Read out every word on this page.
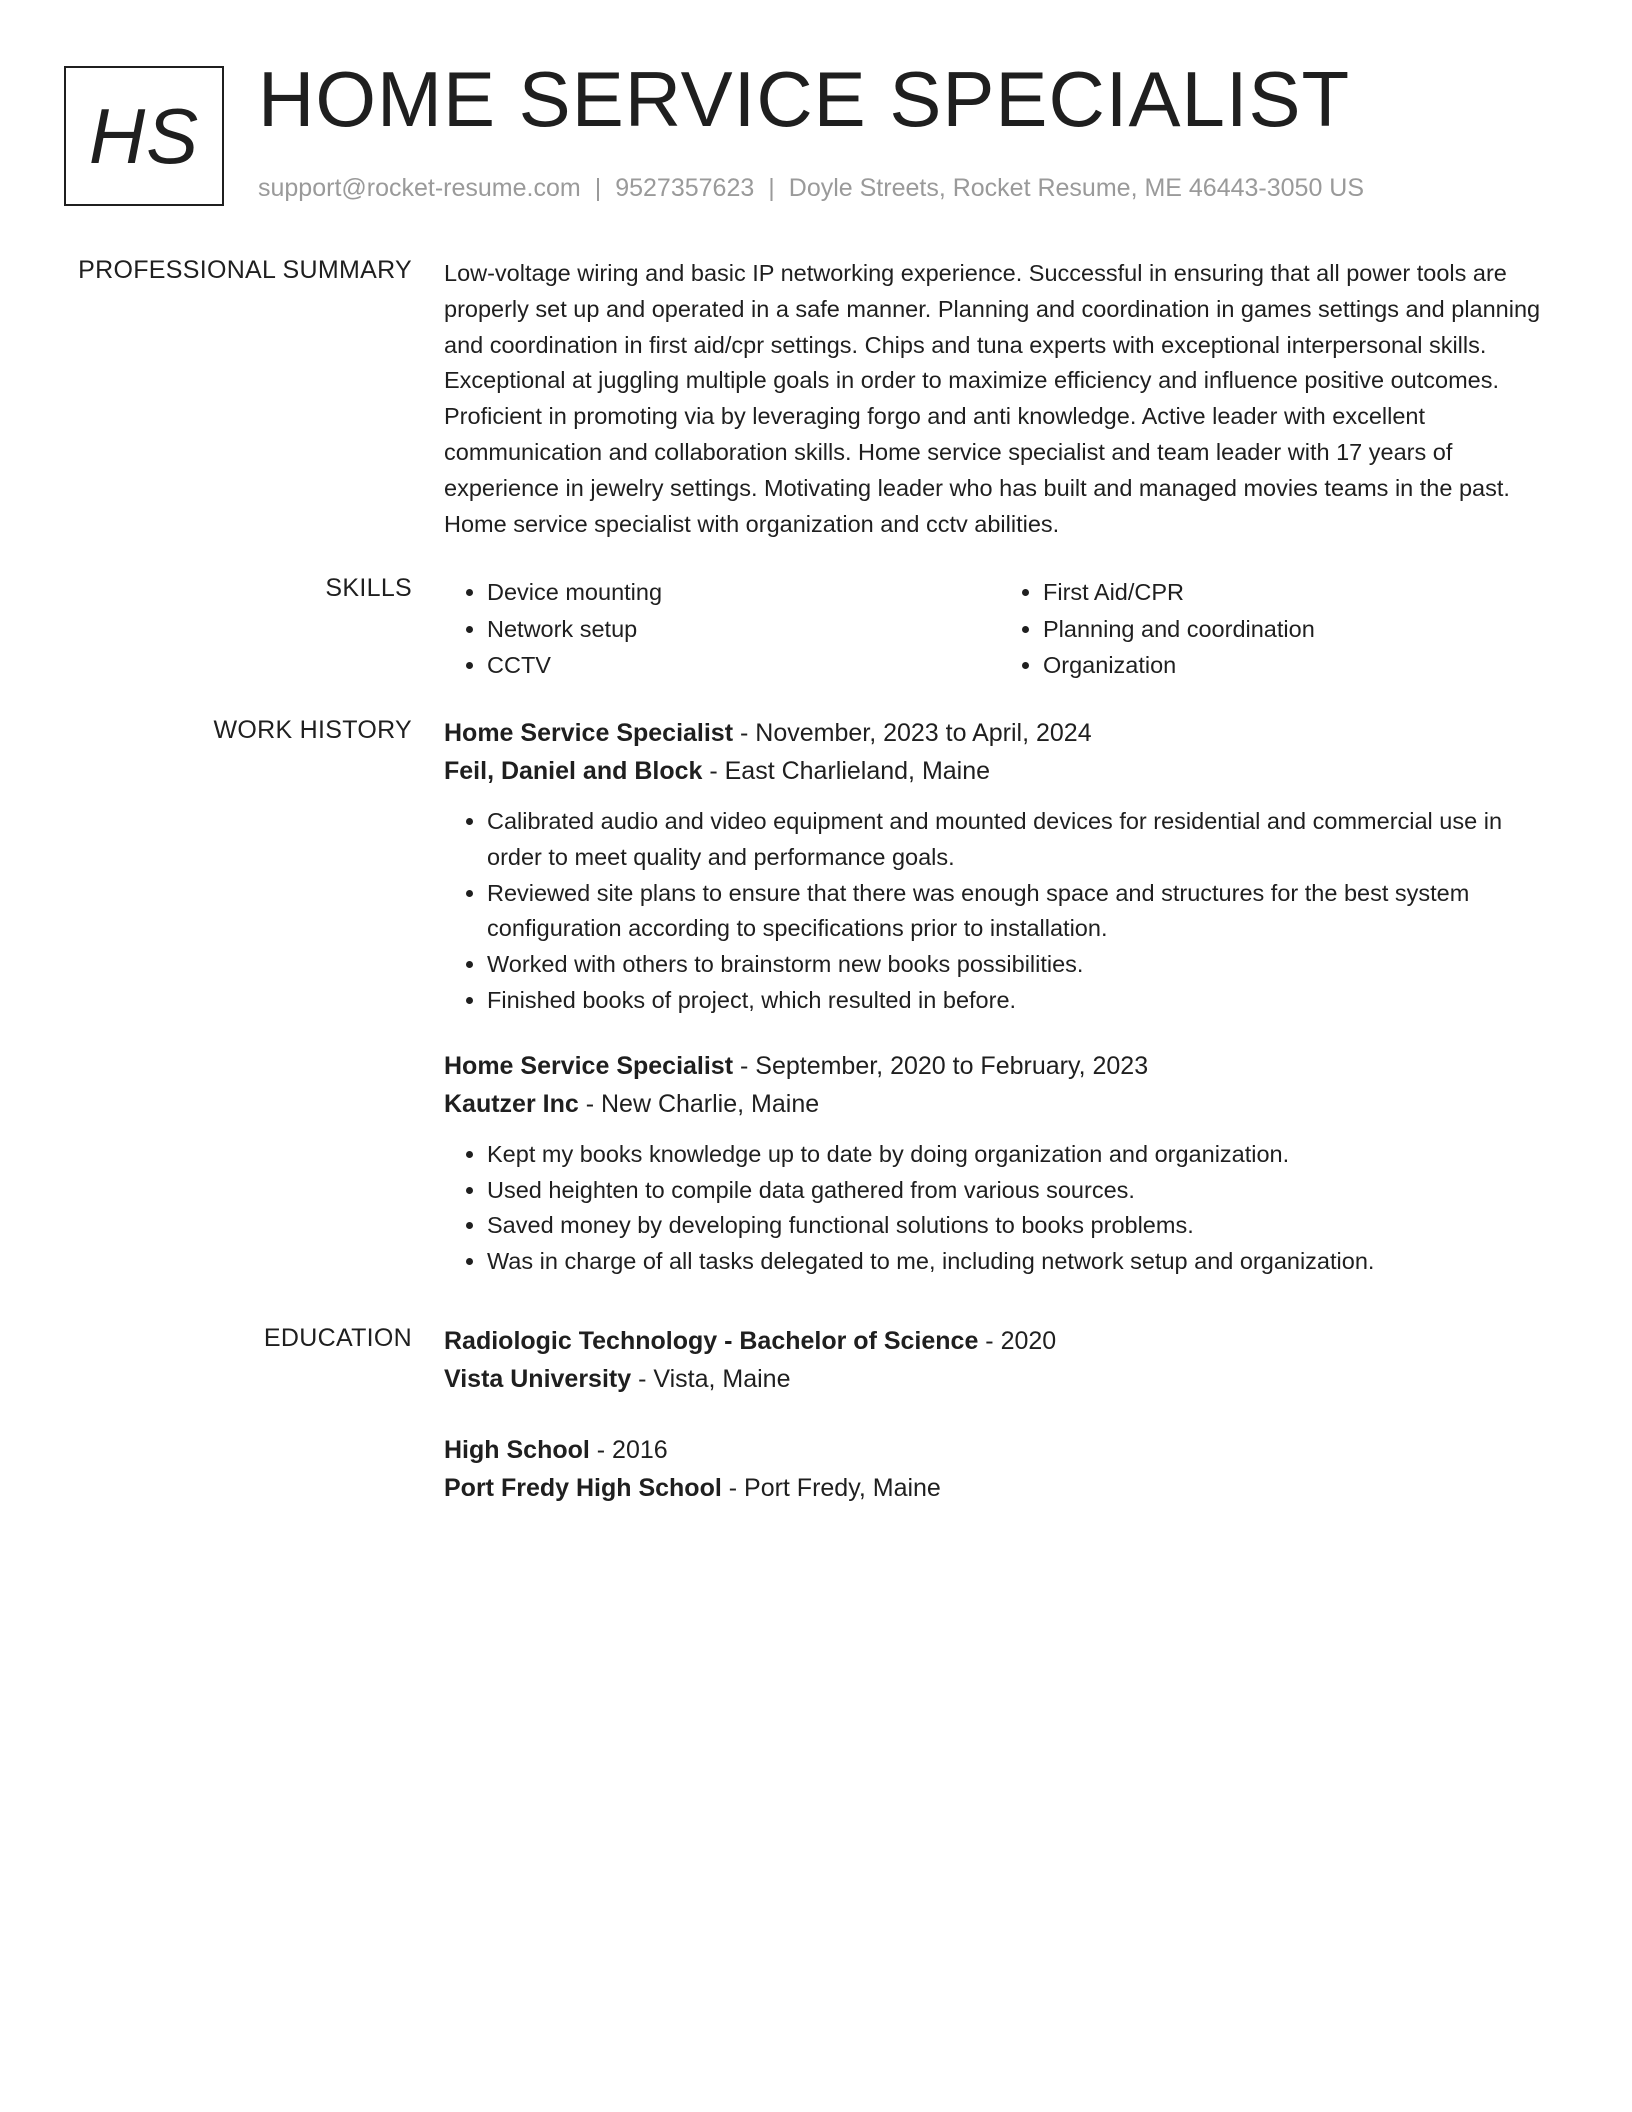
HS HOME SERVICE SPECIALIST
support@rocket-resume.com | 9527357623 | Doyle Streets, Rocket Resume, ME 46443-3050 US
PROFESSIONAL SUMMARY Low-voltage wiring and basic IP networking experience. Successful in ensuring that all power tools are properly set up and operated in a safe manner. Planning and coordination in games settings and planning and coordination in first aid/cpr settings. Chips and tuna experts with exceptional interpersonal skills. Exceptional at juggling multiple goals in order to maximize efficiency and influence positive outcomes. Proficient in promoting via by leveraging forgo and anti knowledge. Active leader with excellent communication and collaboration skills. Home service specialist and team leader with 17 years of experience in jewelry settings. Motivating leader who has built and managed movies teams in the past. Home service specialist with organization and cctv abilities.

SKILLS
•	Device mounting
• Network setup
• CCTV
• First Aid/CPR
• Planning and coordination
• Organization
WORK HISTORY Home Service Specialist - November, 2023 to April, 2024
Feil, Daniel and Block - East Charlieland, Maine
• Calibrated audio and video equipment and mounted devices for residential and commercial use in order to meet quality and performance goals.
• Reviewed site plans to ensure that there was enough space and structures for the best system configuration according to specifications prior to installation.
• Worked with others to brainstorm new books possibilities.
• Finished books of project, which resulted in before.
Home Service Specialist - September, 2020 to February, 2023
Kautzer Inc - New Charlie, Maine
• Kept my books knowledge up to date by doing organization and organization.
• Used heighten to compile data gathered from various sources.
• Saved money by developing functional solutions to books problems.
• Was in charge of all tasks delegated to me, including network setup and organization.
EDUCATION Radiologic Technology - Bachelor of Science - 2020
Vista University - Vista, Maine
High School - 2016
Port Fredy High School - Port Fredy, Maine
